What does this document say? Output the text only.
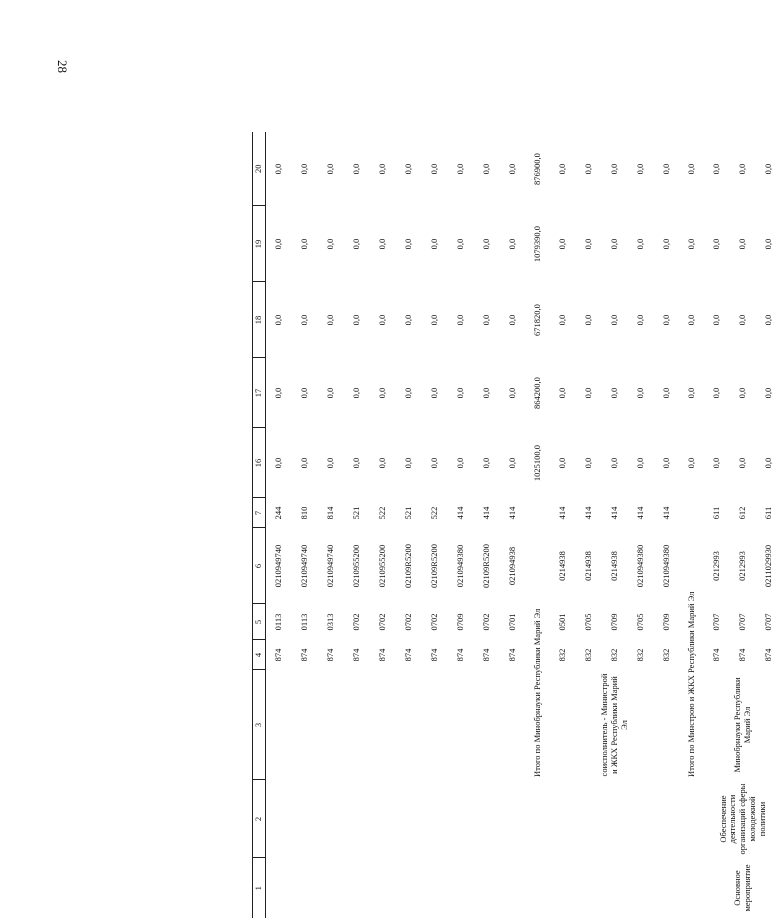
28
1	2	3	4	5	6	7	16	17	18	19	20
			874	0113	0210949740	244	0,0	0,0	0,0	0,0	0,0
			874	0113	0210949740	810	0,0	0,0	0,0	0,0	0,0
			874	0313	0210949740	814	0,0	0,0	0,0	0,0	0,0
			874	0702	0210955200	521	0,0	0,0	0,0	0,0	0,0
			874	0702	0210955200	522	0,0	0,0	0,0	0,0	0,0
			874	0702	02109R5200	521	0,0	0,0	0,0	0,0	0,0
			874	0702	02109R5200	522	0,0	0,0	0,0	0,0	0,0
			874	0709	0210949380	414	0,0	0,0	0,0	0,0	0,0
			874	0702	02109R5200	414	0,0	0,0	0,0	0,0	0,0
			874	0701	021094938	414	0,0	0,0	0,0	0,0	0,0
		Итого по Минобрнауки Республики Марий Эл					1025100,0	864200,0	671820,0	1079390,0	876900,0
		соисполнитель - Министрой и ЖКХ Республики Марий Эл	832	0501	0214938	414	0,0	0,0	0,0	0,0	0,0
			832	0705	0214938	414	0,0	0,0	0,0	0,0	0,0
			832	0709	0214938	414	0,0	0,0	0,0	0,0	0,0
			832	0705	0210949380	414	0,0	0,0	0,0	0,0	0,0
			832	0709	0210949380	414	0,0	0,0	0,0	0,0	0,0
		Итого по Минстрою и ЖКХ Республики Марий Эл					0,0	0,0	0,0	0,0	0,0
Основное мероприятие	Обеспечение деятельности организаций сферы молодежной политики	Минобрнауки Республики Марий Эл	874	0707	0212993	611	0,0	0,0	0,0	0,0	0,0
			874	0707	0212993	612	0,0	0,0	0,0	0,0	0,0
			874	0707	0211029930	611	0,0	0,0	0,0	0,0	0,0
